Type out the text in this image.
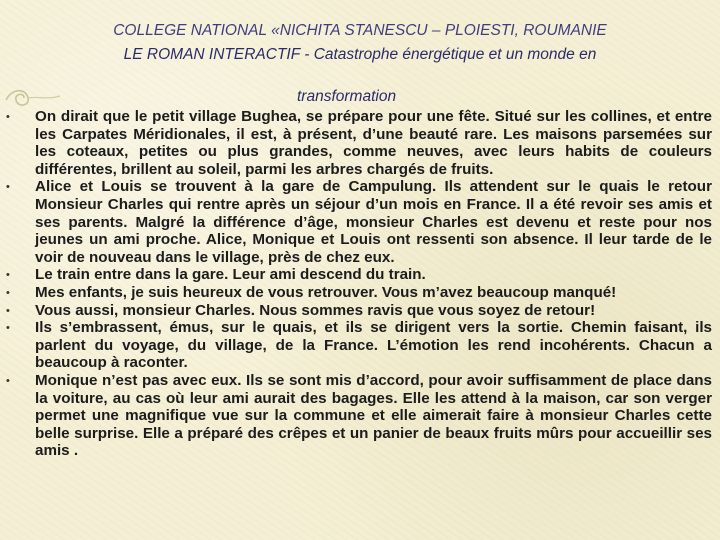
COLLEGE NATIONAL «NICHITA STANESCU – PLOIESTI, ROUMANIE
LE ROMAN INTERACTIF - Catastrophe énergétique et un monde en
transformation
• On dirait que le petit village Bughea, se prépare pour une fête. Situé sur les collines, et entre les Carpates Méridionales, il est, à présent, d’une beauté rare. Les maisons parsemées sur les coteaux, petites ou plus grandes, comme neuves, avec leurs habits de couleurs différentes, brillent au soleil, parmi les arbres chargés de fruits.
• Alice et Louis se trouvent à la gare de Campulung. Ils attendent sur le quais le retour Monsieur Charles qui rentre après un séjour d’un mois en France. Il a été revoir ses amis et ses parents. Malgré la différence d’âge, monsieur Charles est devenu et reste pour nos jeunes un ami proche. Alice, Monique et Louis ont ressenti son absence. Il leur tarde de le voir de nouveau dans le village, près de chez eux.
• Le train entre dans la gare. Leur ami descend du train.
• Mes enfants, je suis heureux de vous retrouver. Vous m’avez beaucoup manqué!
• Vous aussi, monsieur Charles. Nous sommes ravis que vous soyez de retour!
• Ils s’embrassent, émus, sur le quais, et ils se dirigent vers la sortie. Chemin faisant, ils parlent du voyage, du village, de la France. L’émotion les rend incohérents. Chacun a beaucoup à raconter.
• Monique n’est pas avec eux. Ils se sont mis d’accord, pour avoir suffisamment de place dans la voiture, au cas où leur ami aurait des bagages. Elle les attend à la maison, car son verger permet une magnifique vue sur la commune et elle aimerait faire à monsieur Charles cette belle surprise. Elle a préparé des crêpes et un panier de beaux fruits mûrs pour accueillir ses amis .
